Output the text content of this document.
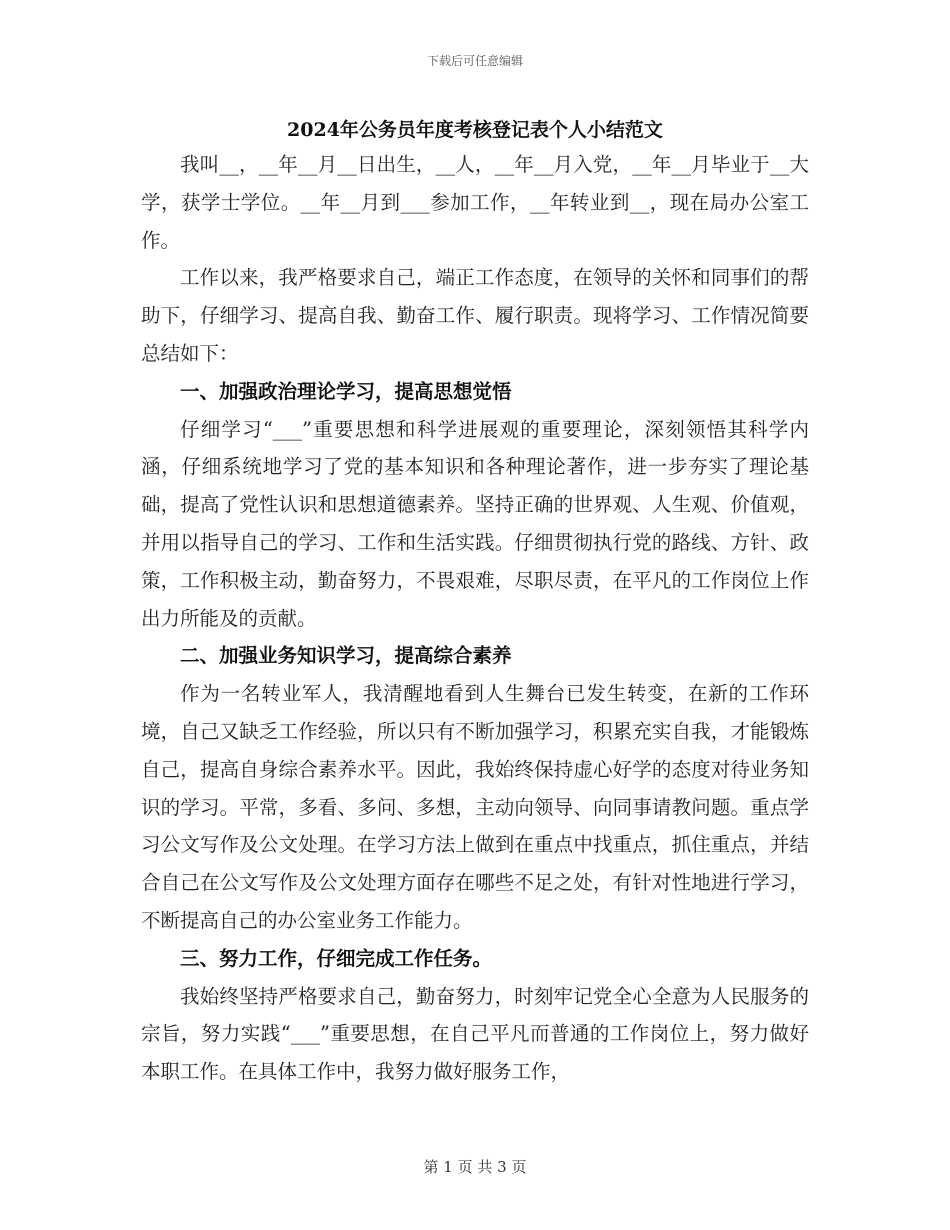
下载后可任意编辑
2024年公务员年度考核登记表个人小结范文

我叫__，__年__月__日出生，__人，__年__月入党，__年__月毕业于__大学，获学士学位。__年__月到___参加工作，__年转业到__，现在局办公室工作。

工作以来，我严格要求自己，端正工作态度，在领导的关怀和同事们的帮助下，仔细学习、提高自我、勤奋工作、履行职责。现将学习、工作情况简要总结如下：

一、加强政治理论学习，提高思想觉悟

仔细学习“___”重要思想和科学进展观的重要理论，深刻领悟其科学内涵，仔细系统地学习了党的基本知识和各种理论著作，进一步夯实了理论基础，提高了党性认识和思想道德素养。坚持正确的世界观、人生观、价值观，并用以指导自己的学习、工作和生活实践。仔细贯彻执行党的路线、方针、政策，工作积极主动，勤奋努力，不畏艰难，尽职尽责，在平凡的工作岗位上作出力所能及的贡献。

二、加强业务知识学习，提高综合素养

作为一名转业军人，我清醒地看到人生舞台已发生转变，在新的工作环境，自己又缺乏工作经验，所以只有不断加强学习，积累充实自我，才能锻炼自己，提高自身综合素养水平。因此，我始终保持虚心好学的态度对待业务知识的学习。平常，多看、多问、多想，主动向领导、向同事请教问题。重点学习公文写作及公文处理。在学习方法上做到在重点中找重点，抓住重点，并结合自己在公文写作及公文处理方面存在哪些不足之处，有针对性地进行学习，不断提高自己的办公室业务工作能力。

三、努力工作，仔细完成工作任务。

我始终坚持严格要求自己，勤奋努力，时刻牢记党全心全意为人民服务的宗旨，努力实践“___”重要思想，在自己平凡而普通的工作岗位上，努力做好本职工作。在具体工作中，我努力做好服务工作，

第 1 页 共 3 页
